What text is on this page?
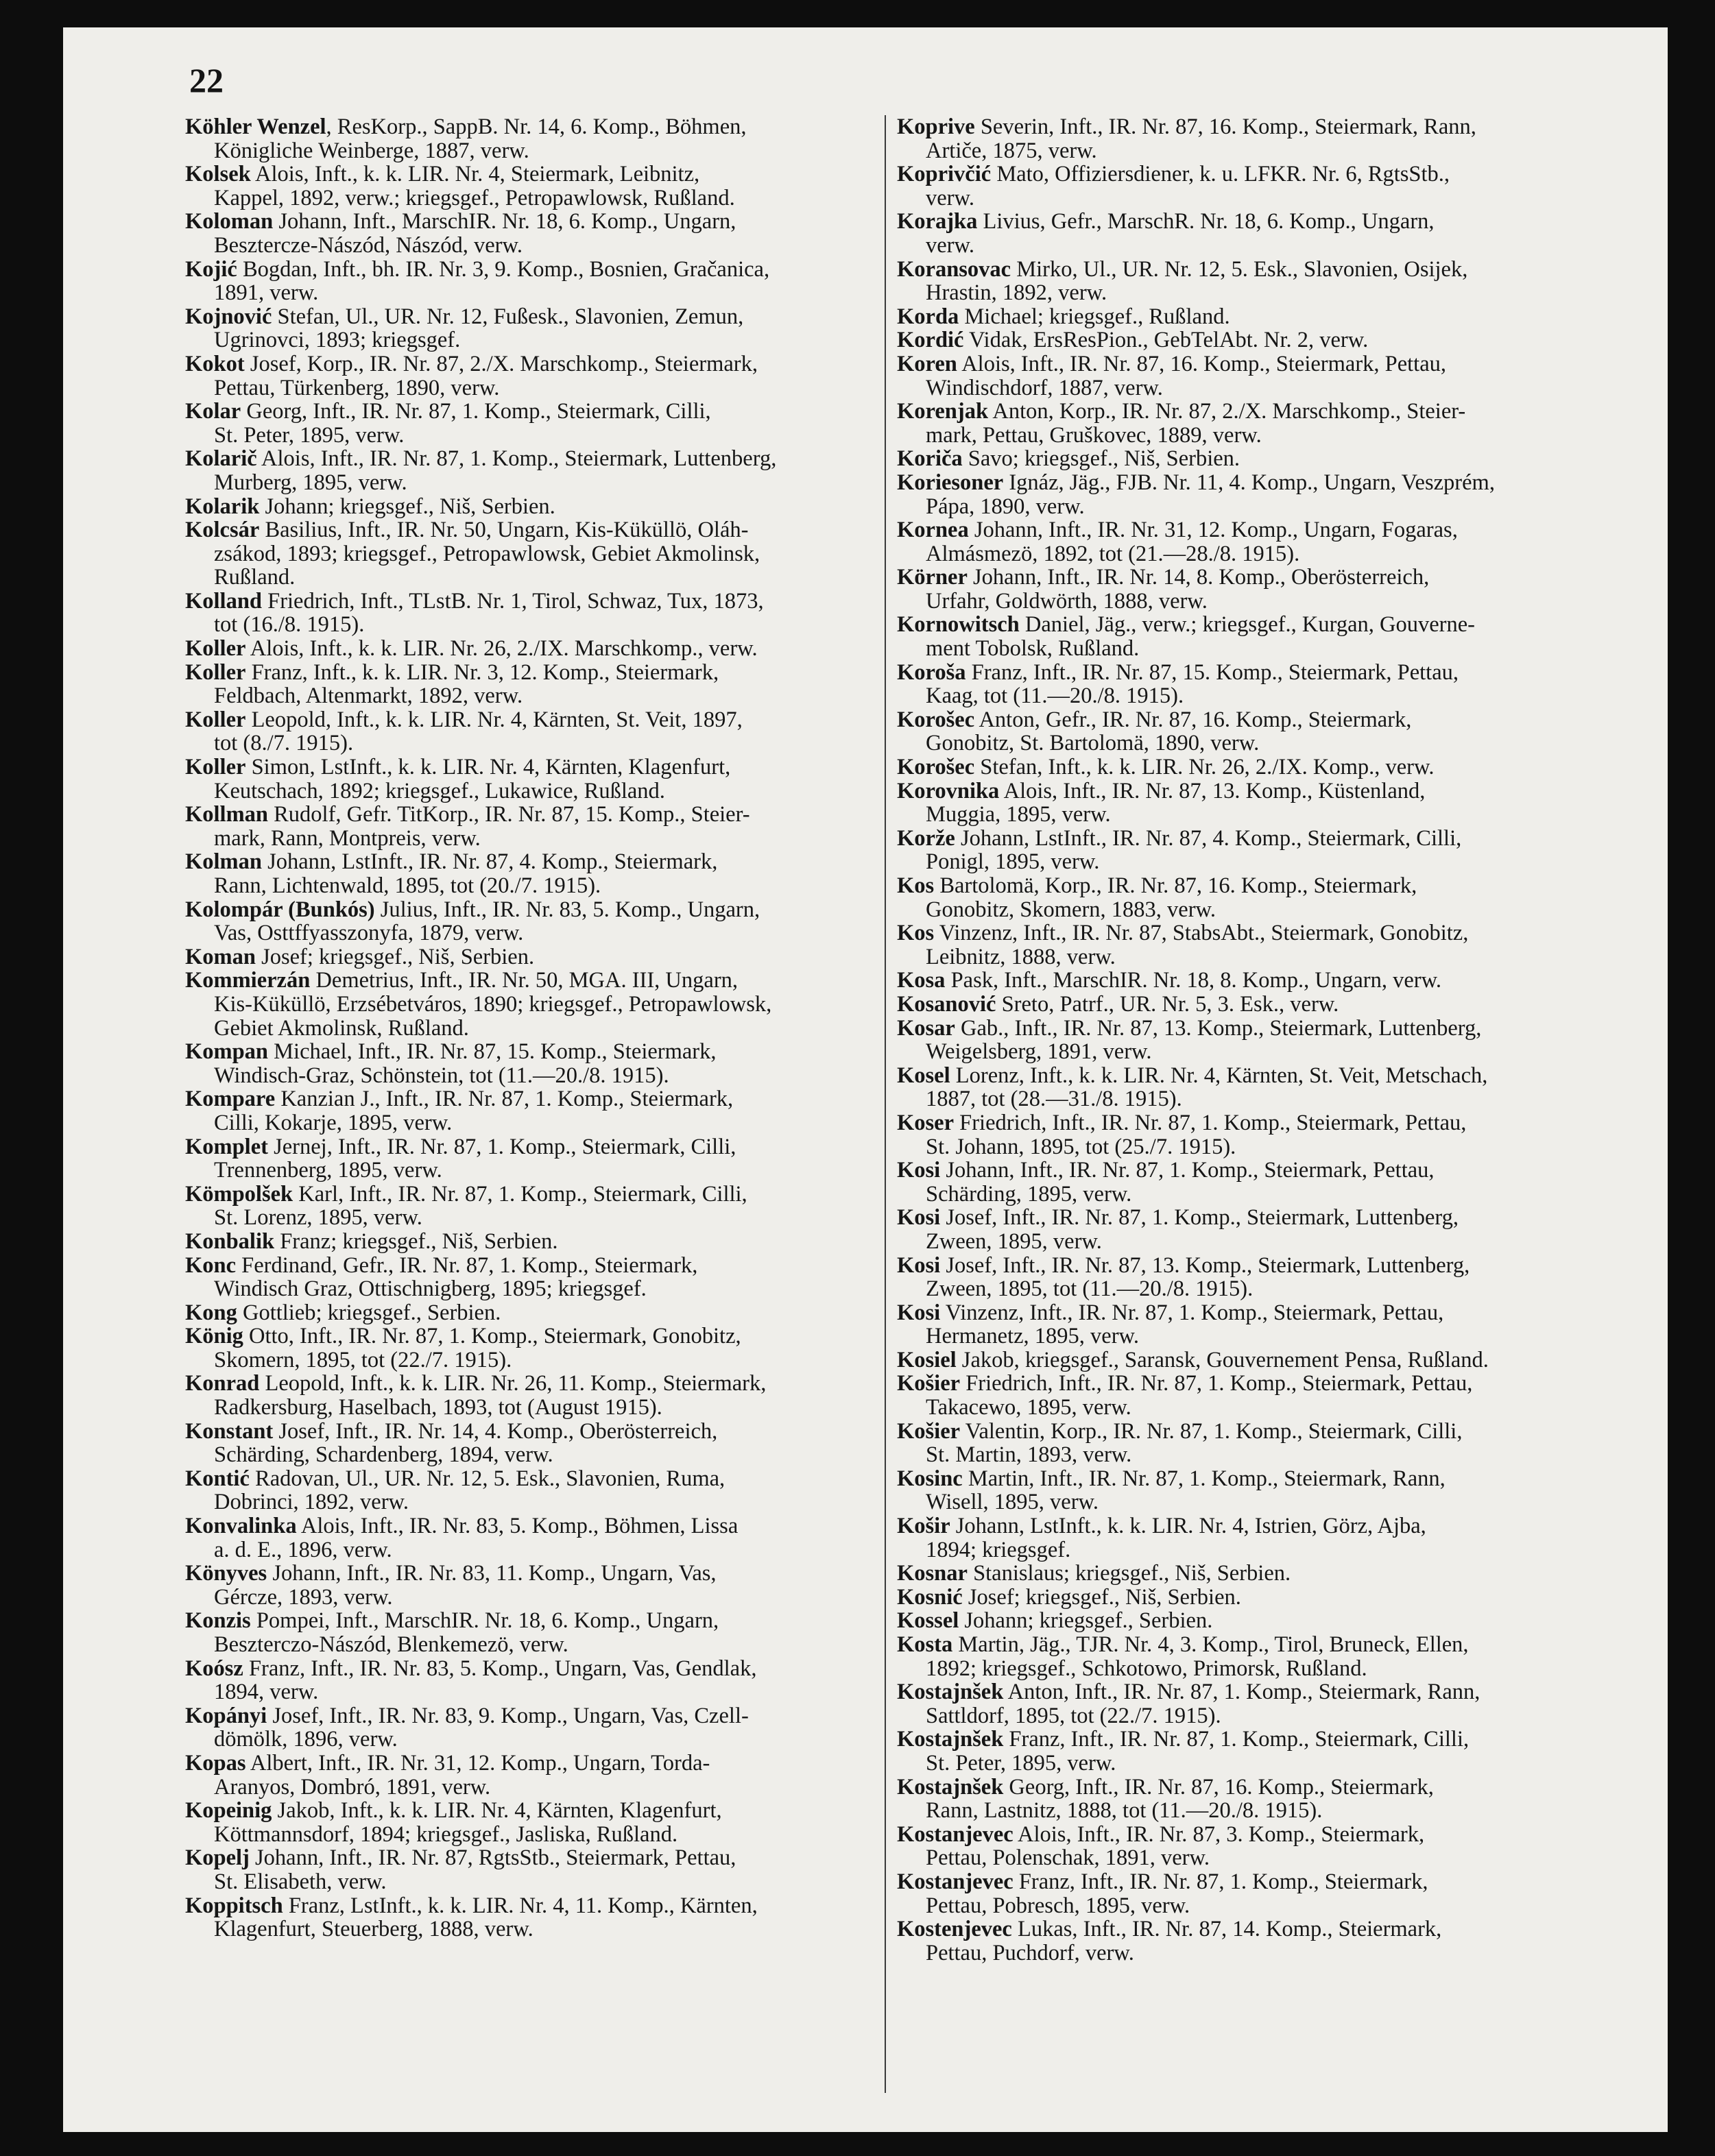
22
Köhler Wenzel, ResKorp., SappB. Nr. 14, 6. Komp., Böhmen,
Königliche Weinberge, 1887, verw.
Kolsek Alois, Inft., k. k. LIR. Nr. 4, Steiermark, Leibnitz,
Kappel, 1892, verw.; kriegsgef., Petropawlowsk, Rußland.
Koloman Johann, Inft., MarschIR. Nr. 18, 6. Komp., Ungarn,
Besztercze-Nászód, Nászód, verw.
Kojić Bogdan, Inft., bh. IR. Nr. 3, 9. Komp., Bosnien, Gračanica,
1891, verw.
Kojnović Stefan, Ul., UR. Nr. 12, Fußesk., Slavonien, Zemun,
Ugrinovci, 1893; kriegsgef.
Kokot Josef, Korp., IR. Nr. 87, 2./X. Marschkomp., Steiermark,
Pettau, Türkenberg, 1890, verw.
Kolar Georg, Inft., IR. Nr. 87, 1. Komp., Steiermark, Cilli,
St. Peter, 1895, verw.
Kolarič Alois, Inft., IR. Nr. 87, 1. Komp., Steiermark, Luttenberg,
Murberg, 1895, verw.
Kolarik Johann; kriegsgef., Niš, Serbien.
Kolcsár Basilius, Inft., IR. Nr. 50, Ungarn, Kis-Küküllö, Oláh-
zsákod, 1893; kriegsgef., Petropawlowsk, Gebiet Akmolinsk,
Rußland.
Kolland Friedrich, Inft., TLstB. Nr. 1, Tirol, Schwaz, Tux, 1873,
tot (16./8. 1915).
Koller Alois, Inft., k. k. LIR. Nr. 26, 2./IX. Marschkomp., verw.
Koller Franz, Inft., k. k. LIR. Nr. 3, 12. Komp., Steiermark,
Feldbach, Altenmarkt, 1892, verw.
Koller Leopold, Inft., k. k. LIR. Nr. 4, Kärnten, St. Veit, 1897,
tot (8./7. 1915).
Koller Simon, LstInft., k. k. LIR. Nr. 4, Kärnten, Klagenfurt,
Keutschach, 1892; kriegsgef., Lukawice, Rußland.
Kollman Rudolf, Gefr. TitKorp., IR. Nr. 87, 15. Komp., Steier-
mark, Rann, Montpreis, verw.
Kolman Johann, LstInft., IR. Nr. 87, 4. Komp., Steiermark,
Rann, Lichtenwald, 1895, tot (20./7. 1915).
Kolompár (Bunkós) Julius, Inft., IR. Nr. 83, 5. Komp., Ungarn,
Vas, Osttffyasszonyfa, 1879, verw.
Koman Josef; kriegsgef., Niš, Serbien.
Kommierzán Demetrius, Inft., IR. Nr. 50, MGA. III, Ungarn,
Kis-Küküllö, Erzsébetváros, 1890; kriegsgef., Petropawlowsk,
Gebiet Akmolinsk, Rußland.
Kompan Michael, Inft., IR. Nr. 87, 15. Komp., Steiermark,
Windisch-Graz, Schönstein, tot (11.—20./8. 1915).
Kompare Kanzian J., Inft., IR. Nr. 87, 1. Komp., Steiermark,
Cilli, Kokarje, 1895, verw.
Komplet Jernej, Inft., IR. Nr. 87, 1. Komp., Steiermark, Cilli,
Trennenberg, 1895, verw.
Kömpolšek Karl, Inft., IR. Nr. 87, 1. Komp., Steiermark, Cilli,
St. Lorenz, 1895, verw.
Konbalik Franz; kriegsgef., Niš, Serbien.
Konc Ferdinand, Gefr., IR. Nr. 87, 1. Komp., Steiermark,
Windisch Graz, Ottischnigberg, 1895; kriegsgef.
Kong Gottlieb; kriegsgef., Serbien.
König Otto, Inft., IR. Nr. 87, 1. Komp., Steiermark, Gonobitz,
Skomern, 1895, tot (22./7. 1915).
Konrad Leopold, Inft., k. k. LIR. Nr. 26, 11. Komp., Steiermark,
Radkersburg, Haselbach, 1893, tot (August 1915).
Konstant Josef, Inft., IR. Nr. 14, 4. Komp., Oberösterreich,
Schärding, Schardenberg, 1894, verw.
Kontić Radovan, Ul., UR. Nr. 12, 5. Esk., Slavonien, Ruma,
Dobrinci, 1892, verw.
Konvalinka Alois, Inft., IR. Nr. 83, 5. Komp., Böhmen, Lissa
a. d. E., 1896, verw.
Könyves Johann, Inft., IR. Nr. 83, 11. Komp., Ungarn, Vas,
Gércze, 1893, verw.
Konzis Pompei, Inft., MarschIR. Nr. 18, 6. Komp., Ungarn,
Beszterczo-Nászód, Blenkemezö, verw.
Koósz Franz, Inft., IR. Nr. 83, 5. Komp., Ungarn, Vas, Gendlak,
1894, verw.
Kopányi Josef, Inft., IR. Nr. 83, 9. Komp., Ungarn, Vas, Czell-
dömölk, 1896, verw.
Kopas Albert, Inft., IR. Nr. 31, 12. Komp., Ungarn, Torda-
Aranyos, Dombró, 1891, verw.
Kopeinig Jakob, Inft., k. k. LIR. Nr. 4, Kärnten, Klagenfurt,
Köttmannsdorf, 1894; kriegsgef., Jasliska, Rußland.
Kopelj Johann, Inft., IR. Nr. 87, RgtsStb., Steiermark, Pettau,
St. Elisabeth, verw.
Koppitsch Franz, LstInft., k. k. LIR. Nr. 4, 11. Komp., Kärnten,
Klagenfurt, Steuerberg, 1888, verw.
Koprive Severin, Inft., IR. Nr. 87, 16. Komp., Steiermark, Rann,
Artiče, 1875, verw.
Koprivčić Mato, Offiziersdiener, k. u. LFKR. Nr. 6, RgtsStb.,
verw.
Korajka Livius, Gefr., MarschR. Nr. 18, 6. Komp., Ungarn,
verw.
Koransovac Mirko, Ul., UR. Nr. 12, 5. Esk., Slavonien, Osijek,
Hrastin, 1892, verw.
Korda Michael; kriegsgef., Rußland.
Kordić Vidak, ErsResPion., GebTelAbt. Nr. 2, verw.
Koren Alois, Inft., IR. Nr. 87, 16. Komp., Steiermark, Pettau,
Windischdorf, 1887, verw.
Korenjak Anton, Korp., IR. Nr. 87, 2./X. Marschkomp., Steier-
mark, Pettau, Gruškovec, 1889, verw.
Koriča Savo; kriegsgef., Niš, Serbien.
Koriesoner Ignáz, Jäg., FJB. Nr. 11, 4. Komp., Ungarn, Veszprém,
Pápa, 1890, verw.
Kornea Johann, Inft., IR. Nr. 31, 12. Komp., Ungarn, Fogaras,
Almásmezö, 1892, tot (21.—28./8. 1915).
Körner Johann, Inft., IR. Nr. 14, 8. Komp., Oberösterreich,
Urfahr, Goldwörth, 1888, verw.
Kornowitsch Daniel, Jäg., verw.; kriegsgef., Kurgan, Gouverne-
ment Tobolsk, Rußland.
Koroša Franz, Inft., IR. Nr. 87, 15. Komp., Steiermark, Pettau,
Kaag, tot (11.—20./8. 1915).
Korošec Anton, Gefr., IR. Nr. 87, 16. Komp., Steiermark,
Gonobitz, St. Bartolomä, 1890, verw.
Korošec Stefan, Inft., k. k. LIR. Nr. 26, 2./IX. Komp., verw.
Korovnika Alois, Inft., IR. Nr. 87, 13. Komp., Küstenland,
Muggia, 1895, verw.
Korže Johann, LstInft., IR. Nr. 87, 4. Komp., Steiermark, Cilli,
Ponigl, 1895, verw.
Kos Bartolomä, Korp., IR. Nr. 87, 16. Komp., Steiermark,
Gonobitz, Skomern, 1883, verw.
Kos Vinzenz, Inft., IR. Nr. 87, StabsAbt., Steiermark, Gonobitz,
Leibnitz, 1888, verw.
Kosa Pask, Inft., MarschIR. Nr. 18, 8. Komp., Ungarn, verw.
Kosanović Sreto, Patrf., UR. Nr. 5, 3. Esk., verw.
Kosar Gab., Inft., IR. Nr. 87, 13. Komp., Steiermark, Luttenberg,
Weigelsberg, 1891, verw.
Kosel Lorenz, Inft., k. k. LIR. Nr. 4, Kärnten, St. Veit, Metschach,
1887, tot (28.—31./8. 1915).
Koser Friedrich, Inft., IR. Nr. 87, 1. Komp., Steiermark, Pettau,
St. Johann, 1895, tot (25./7. 1915).
Kosi Johann, Inft., IR. Nr. 87, 1. Komp., Steiermark, Pettau,
Schärding, 1895, verw.
Kosi Josef, Inft., IR. Nr. 87, 1. Komp., Steiermark, Luttenberg,
Zween, 1895, verw.
Kosi Josef, Inft., IR. Nr. 87, 13. Komp., Steiermark, Luttenberg,
Zween, 1895, tot (11.—20./8. 1915).
Kosi Vinzenz, Inft., IR. Nr. 87, 1. Komp., Steiermark, Pettau,
Hermanetz, 1895, verw.
Kosiel Jakob, kriegsgef., Saransk, Gouvernement Pensa, Rußland.
Košier Friedrich, Inft., IR. Nr. 87, 1. Komp., Steiermark, Pettau,
Takacewo, 1895, verw.
Košier Valentin, Korp., IR. Nr. 87, 1. Komp., Steiermark, Cilli,
St. Martin, 1893, verw.
Kosinc Martin, Inft., IR. Nr. 87, 1. Komp., Steiermark, Rann,
Wisell, 1895, verw.
Košir Johann, LstInft., k. k. LIR. Nr. 4, Istrien, Görz, Ajba,
1894; kriegsgef.
Kosnar Stanislaus; kriegsgef., Niš, Serbien.
Kosnić Josef; kriegsgef., Niš, Serbien.
Kossel Johann; kriegsgef., Serbien.
Kosta Martin, Jäg., TJR. Nr. 4, 3. Komp., Tirol, Bruneck, Ellen,
1892; kriegsgef., Schkotowo, Primorsk, Rußland.
Kostajnšek Anton, Inft., IR. Nr. 87, 1. Komp., Steiermark, Rann,
Sattldorf, 1895, tot (22./7. 1915).
Kostajnšek Franz, Inft., IR. Nr. 87, 1. Komp., Steiermark, Cilli,
St. Peter, 1895, verw.
Kostajnšek Georg, Inft., IR. Nr. 87, 16. Komp., Steiermark,
Rann, Lastnitz, 1888, tot (11.—20./8. 1915).
Kostanjevec Alois, Inft., IR. Nr. 87, 3. Komp., Steiermark,
Pettau, Polenschak, 1891, verw.
Kostanjevec Franz, Inft., IR. Nr. 87, 1. Komp., Steiermark,
Pettau, Pobresch, 1895, verw.
Kostenjevec Lukas, Inft., IR. Nr. 87, 14. Komp., Steiermark,
Pettau, Puchdorf, verw.
